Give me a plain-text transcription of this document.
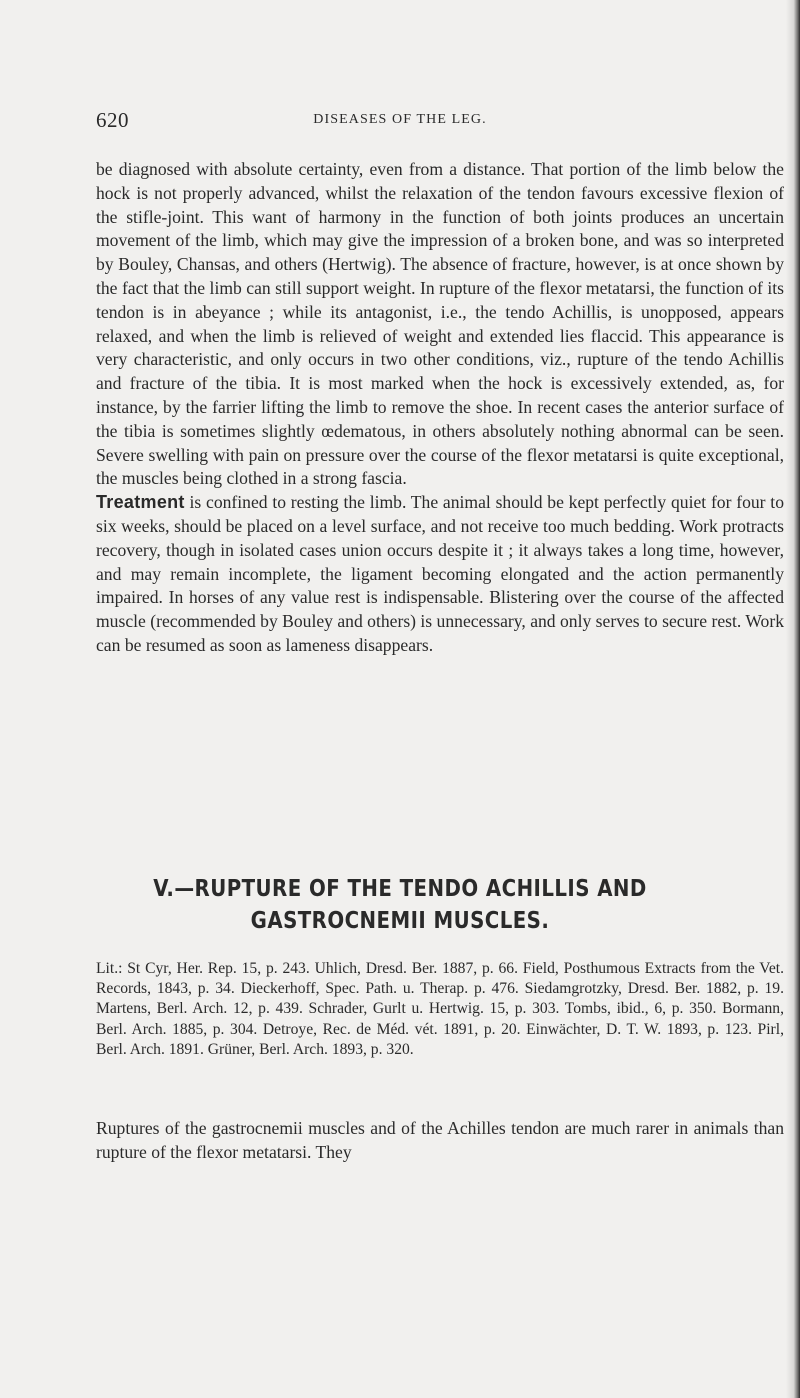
620	DISEASES OF THE LEG.

be diagnosed with absolute certainty, even from a distance. That portion of the limb below the hock is not properly advanced, whilst the relaxation of the tendon favours excessive flexion of the stifle-joint. This want of harmony in the function of both joints produces an uncertain movement of the limb, which may give the impression of a broken bone, and was so interpreted by Bouley, Chansas, and others (Hertwig). The absence of fracture, however, is at once shown by the fact that the limb can still support weight. In rupture of the flexor metatarsi, the function of its tendon is in abeyance ; while its antagonist, i.e., the tendo Achillis, is unopposed, appears relaxed, and when the limb is relieved of weight and extended lies flaccid. This appearance is very characteristic, and only occurs in two other conditions, viz., rupture of the tendo Achillis and fracture of the tibia. It is most marked when the hock is excessively extended, as, for instance, by the farrier lifting the limb to remove the shoe. In recent cases the anterior surface of the tibia is sometimes slightly œdematous, in others absolutely nothing abnormal can be seen. Severe swelling with pain on pressure over the course of the flexor metatarsi is quite exceptional, the muscles being clothed in a strong fascia.

Treatment is confined to resting the limb. The animal should be kept perfectly quiet for four to six weeks, should be placed on a level surface, and not receive too much bedding. Work protracts recovery, though in isolated cases union occurs despite it ; it always takes a long time, however, and may remain incomplete, the ligament becoming elongated and the action permanently impaired. In horses of any value rest is indispensable. Blistering over the course of the affected muscle (recommended by Bouley and others) is unnecessary, and only serves to secure rest. Work can be resumed as soon as lameness disappears.

V.—RUPTURE OF THE TENDO ACHILLIS AND
GASTROCNEMII MUSCLES.

Lit.: St Cyr, Her. Rep. 15, p. 243. Uhlich, Dresd. Ber. 1887, p. 66. Field, Posthumous Extracts from the Vet. Records, 1843, p. 34. Dieckerhoff, Spec. Path. u. Therap. p. 476. Siedamgrotzky, Dresd. Ber. 1882, p. 19. Martens, Berl. Arch. 12, p. 439. Schrader, Gurlt u. Hertwig. 15, p. 303. Tombs, ibid., 6, p. 350. Bormann, Berl. Arch. 1885, p. 304. Detroye, Rec. de Méd. vét. 1891, p. 20. Einwächter, D. T. W. 1893, p. 123. Pirl, Berl. Arch. 1891. Grüner, Berl. Arch. 1893, p. 320.

Ruptures of the gastrocnemii muscles and of the Achilles tendon are much rarer in animals than rupture of the flexor metatarsi. They
